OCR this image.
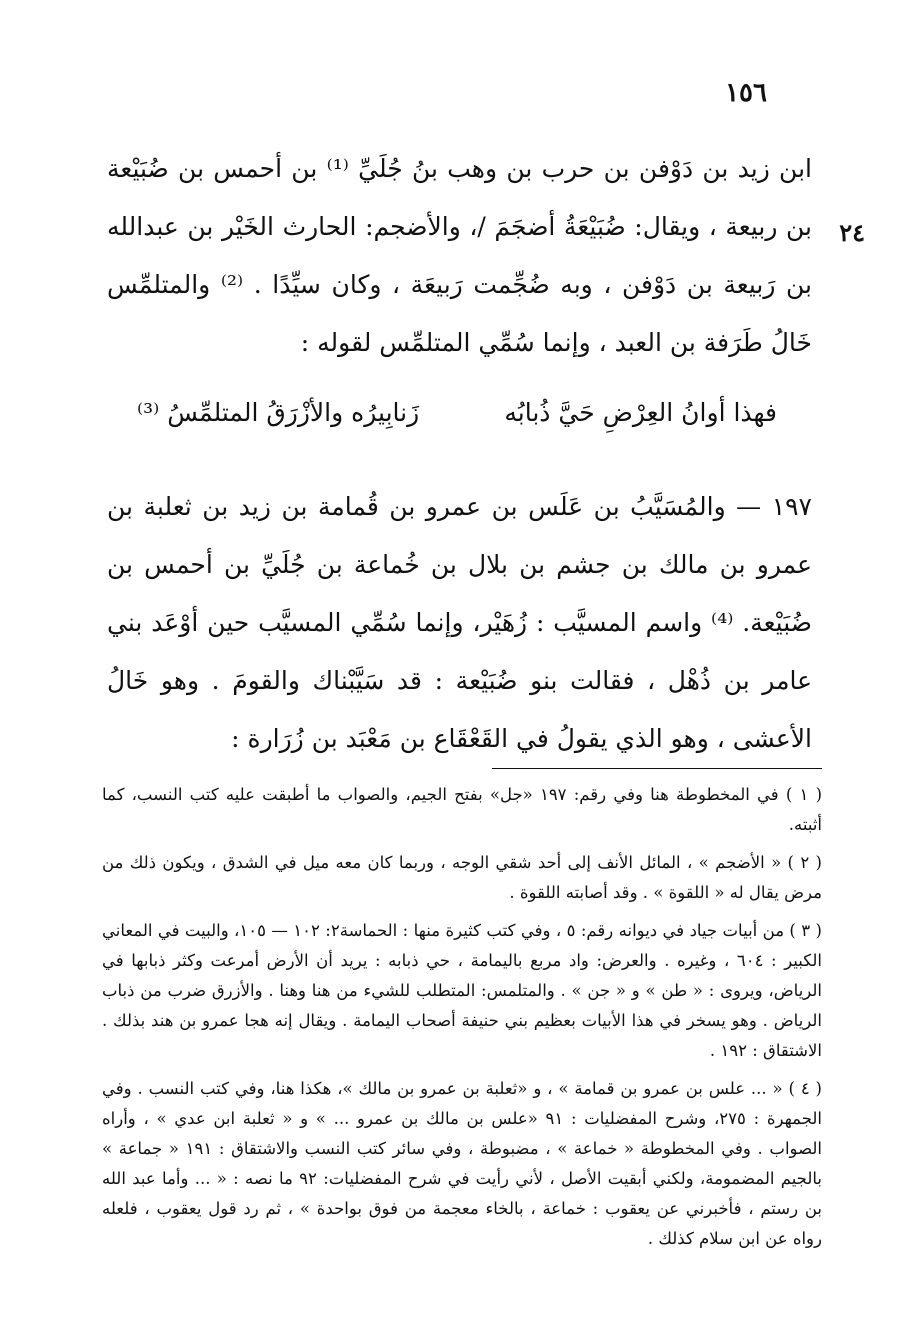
١٥٦
٢٤

ابن زيد بن دَوْفن بن حرب بن وهب بنُ جُلَيِّ ⁽¹⁾ بن أحمس بن ضُبَيْعة بن ربيعة ، ويقال: ضُبَيْعَةُ أضجَمَ /، والأضجم: الحارث الخَيْر بن عبدالله بن رَبيعة بن دَوْفن ، وبه ضُجِّمت رَبيعَة ، وكان سيِّدًا . ⁽²⁾ والمتلمِّس خَالُ طَرَفة بن العبد ، وإنما سُمِّي المتلمِّس لقوله :

فهذا أوانُ العِرْضِ حَيَّ ذُبابُه
زَنابِيرُه والأزْرَقُ المتلمِّسُ ⁽³⁾

١٩٧ — والمُسَيَّبُ بن عَلَس بن عمرو بن قُمامة بن زيد بن ثعلبة بن عمرو بن مالك بن جشم بن بلال بن خُماعة بن جُلَيِّ بن أحمس بن ضُبَيْعة. ⁽⁴⁾ واسم المسيَّب : زُهَيْر، وإنما سُمِّي المسيَّب حين أوْعَد بني عامر بن ذُهْل ، فقالت بنو ضُبَيْعة : قد سَيَّبْناك والقومَ . وهو خَالُ الأعشى ، وهو الذي يقولُ في القَعْقَاع بن مَعْبَد بن زُرَارة :

( ١ ) في المخطوطة هنا وفي رقم: ١٩٧ «جل» بفتح الجيم، والصواب ما أطبقت عليه كتب النسب، كما أثبته.

( ٢ ) « الأضجم » ، المائل الأنف إلى أحد شقي الوجه ، وربما كان معه ميل في الشدق ، ويكون ذلك من مرض يقال له « اللقوة » . وقد أصابته اللقوة .

( ٣ ) من أبيات جياد في ديوانه رقم: ٥ ، وفي كتب كثيرة منها : الحماسة٢: ١٠٢ — ١٠٥، والبيت في المعاني الكبير : ٦٠٤ ، وغيره . والعرض: واد مربع باليمامة ، حي ذبابه : يريد أن الأرض أمرعت وكثر ذبابها في الرياض، ويروى : « طن » و « جن » . والمتلمس: المتطلب للشيء من هنا وهنا . والأزرق ضرب من ذباب الرياض . وهو يسخر في هذا الأبيات بعظيم بني حنيفة أصحاب اليمامة . ويقال إنه هجا عمرو بن هند بذلك . الاشتقاق : ١٩٢ .

( ٤ ) « ... علس بن عمرو بن قمامة » ، و «ثعلبة بن عمرو بن مالك »، هكذا هنا، وفي كتب النسب . وفي الجمهرة : ٢٧٥، وشرح المفضليات : ٩١ «علس بن مالك بن عمرو ... » و « ثعلبة ابن عدي » ، وأراه الصواب . وفي المخطوطة « خماعة » ، مضبوطة ، وفي سائر كتب النسب والاشتقاق : ١٩١ « جماعة » بالجيم المضمومة، ولكني أبقيت الأصل ، لأني رأيت في شرح المفضليات: ٩٢ ما نصه : « ... وأما عبد الله بن رستم ، فأخبرني عن يعقوب : خماعة ، بالخاء معجمة من فوق بواحدة » ، ثم رد قول يعقوب ، فلعله رواه عن ابن سلام كذلك .
